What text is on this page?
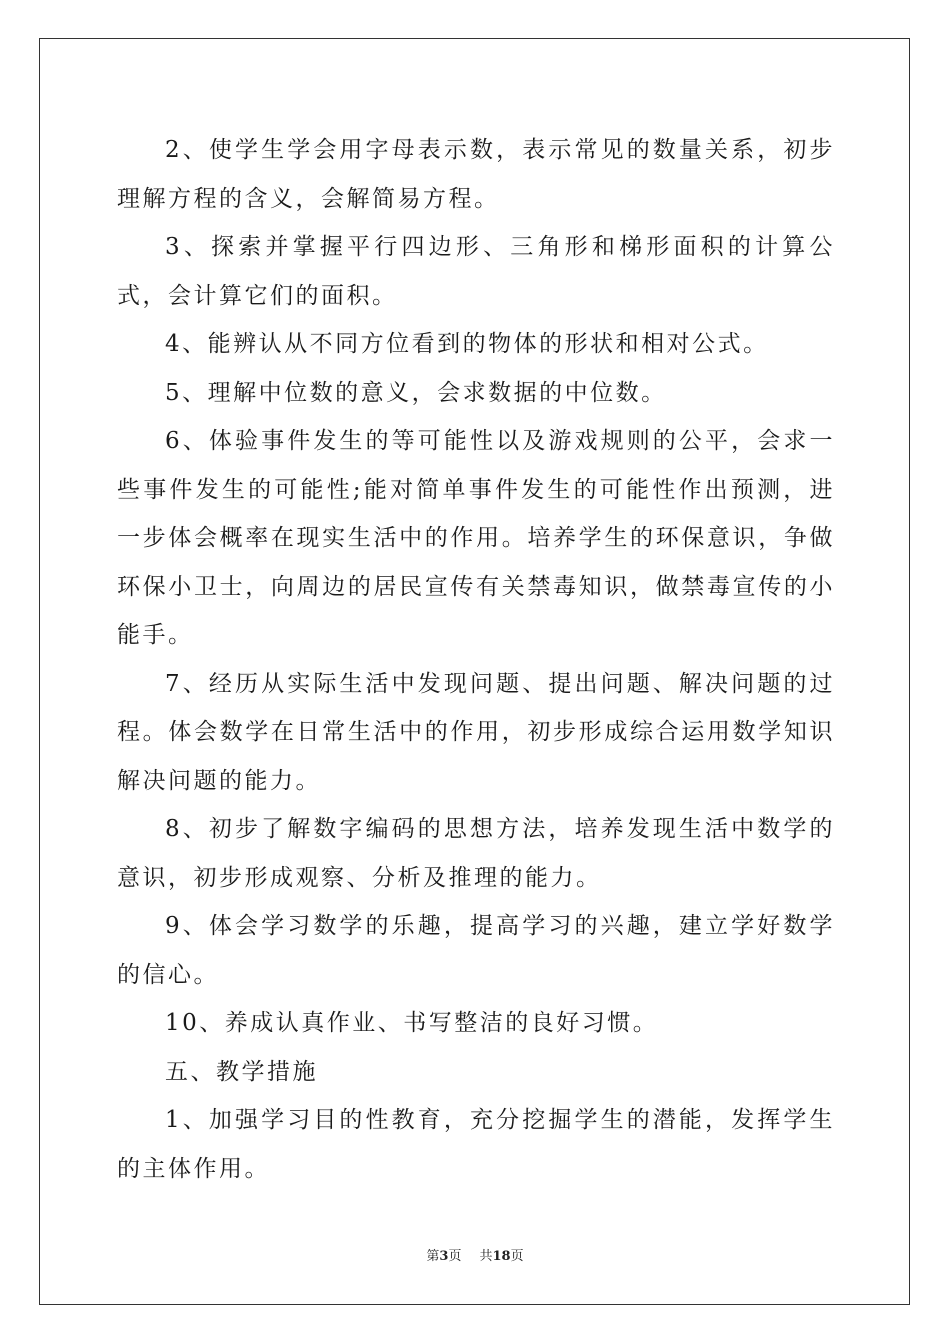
2、使学生学会用字母表示数，表示常见的数量关系，初步理解方程的含义，会解简易方程。

3、探索并掌握平行四边形、三角形和梯形面积的计算公式，会计算它们的面积。

4、能辨认从不同方位看到的物体的形状和相对公式。

5、理解中位数的意义，会求数据的中位数。

6、体验事件发生的等可能性以及游戏规则的公平，会求一些事件发生的可能性;能对简单事件发生的可能性作出预测，进一步体会概率在现实生活中的作用。培养学生的环保意识，争做环保小卫士，向周边的居民宣传有关禁毒知识，做禁毒宣传的小能手。

7、经历从实际生活中发现问题、提出问题、解决问题的过程。体会数学在日常生活中的作用，初步形成综合运用数学知识解决问题的能力。

8、初步了解数字编码的思想方法，培养发现生活中数学的意识，初步形成观察、分析及推理的能力。

9、体会学习数学的乐趣，提高学习的兴趣，建立学好数学的信心。

10、养成认真作业、书写整洁的良好习惯。

五、教学措施

1、加强学习目的性教育，充分挖掘学生的潜能，发挥学生的主体作用。

第3页 共18页
